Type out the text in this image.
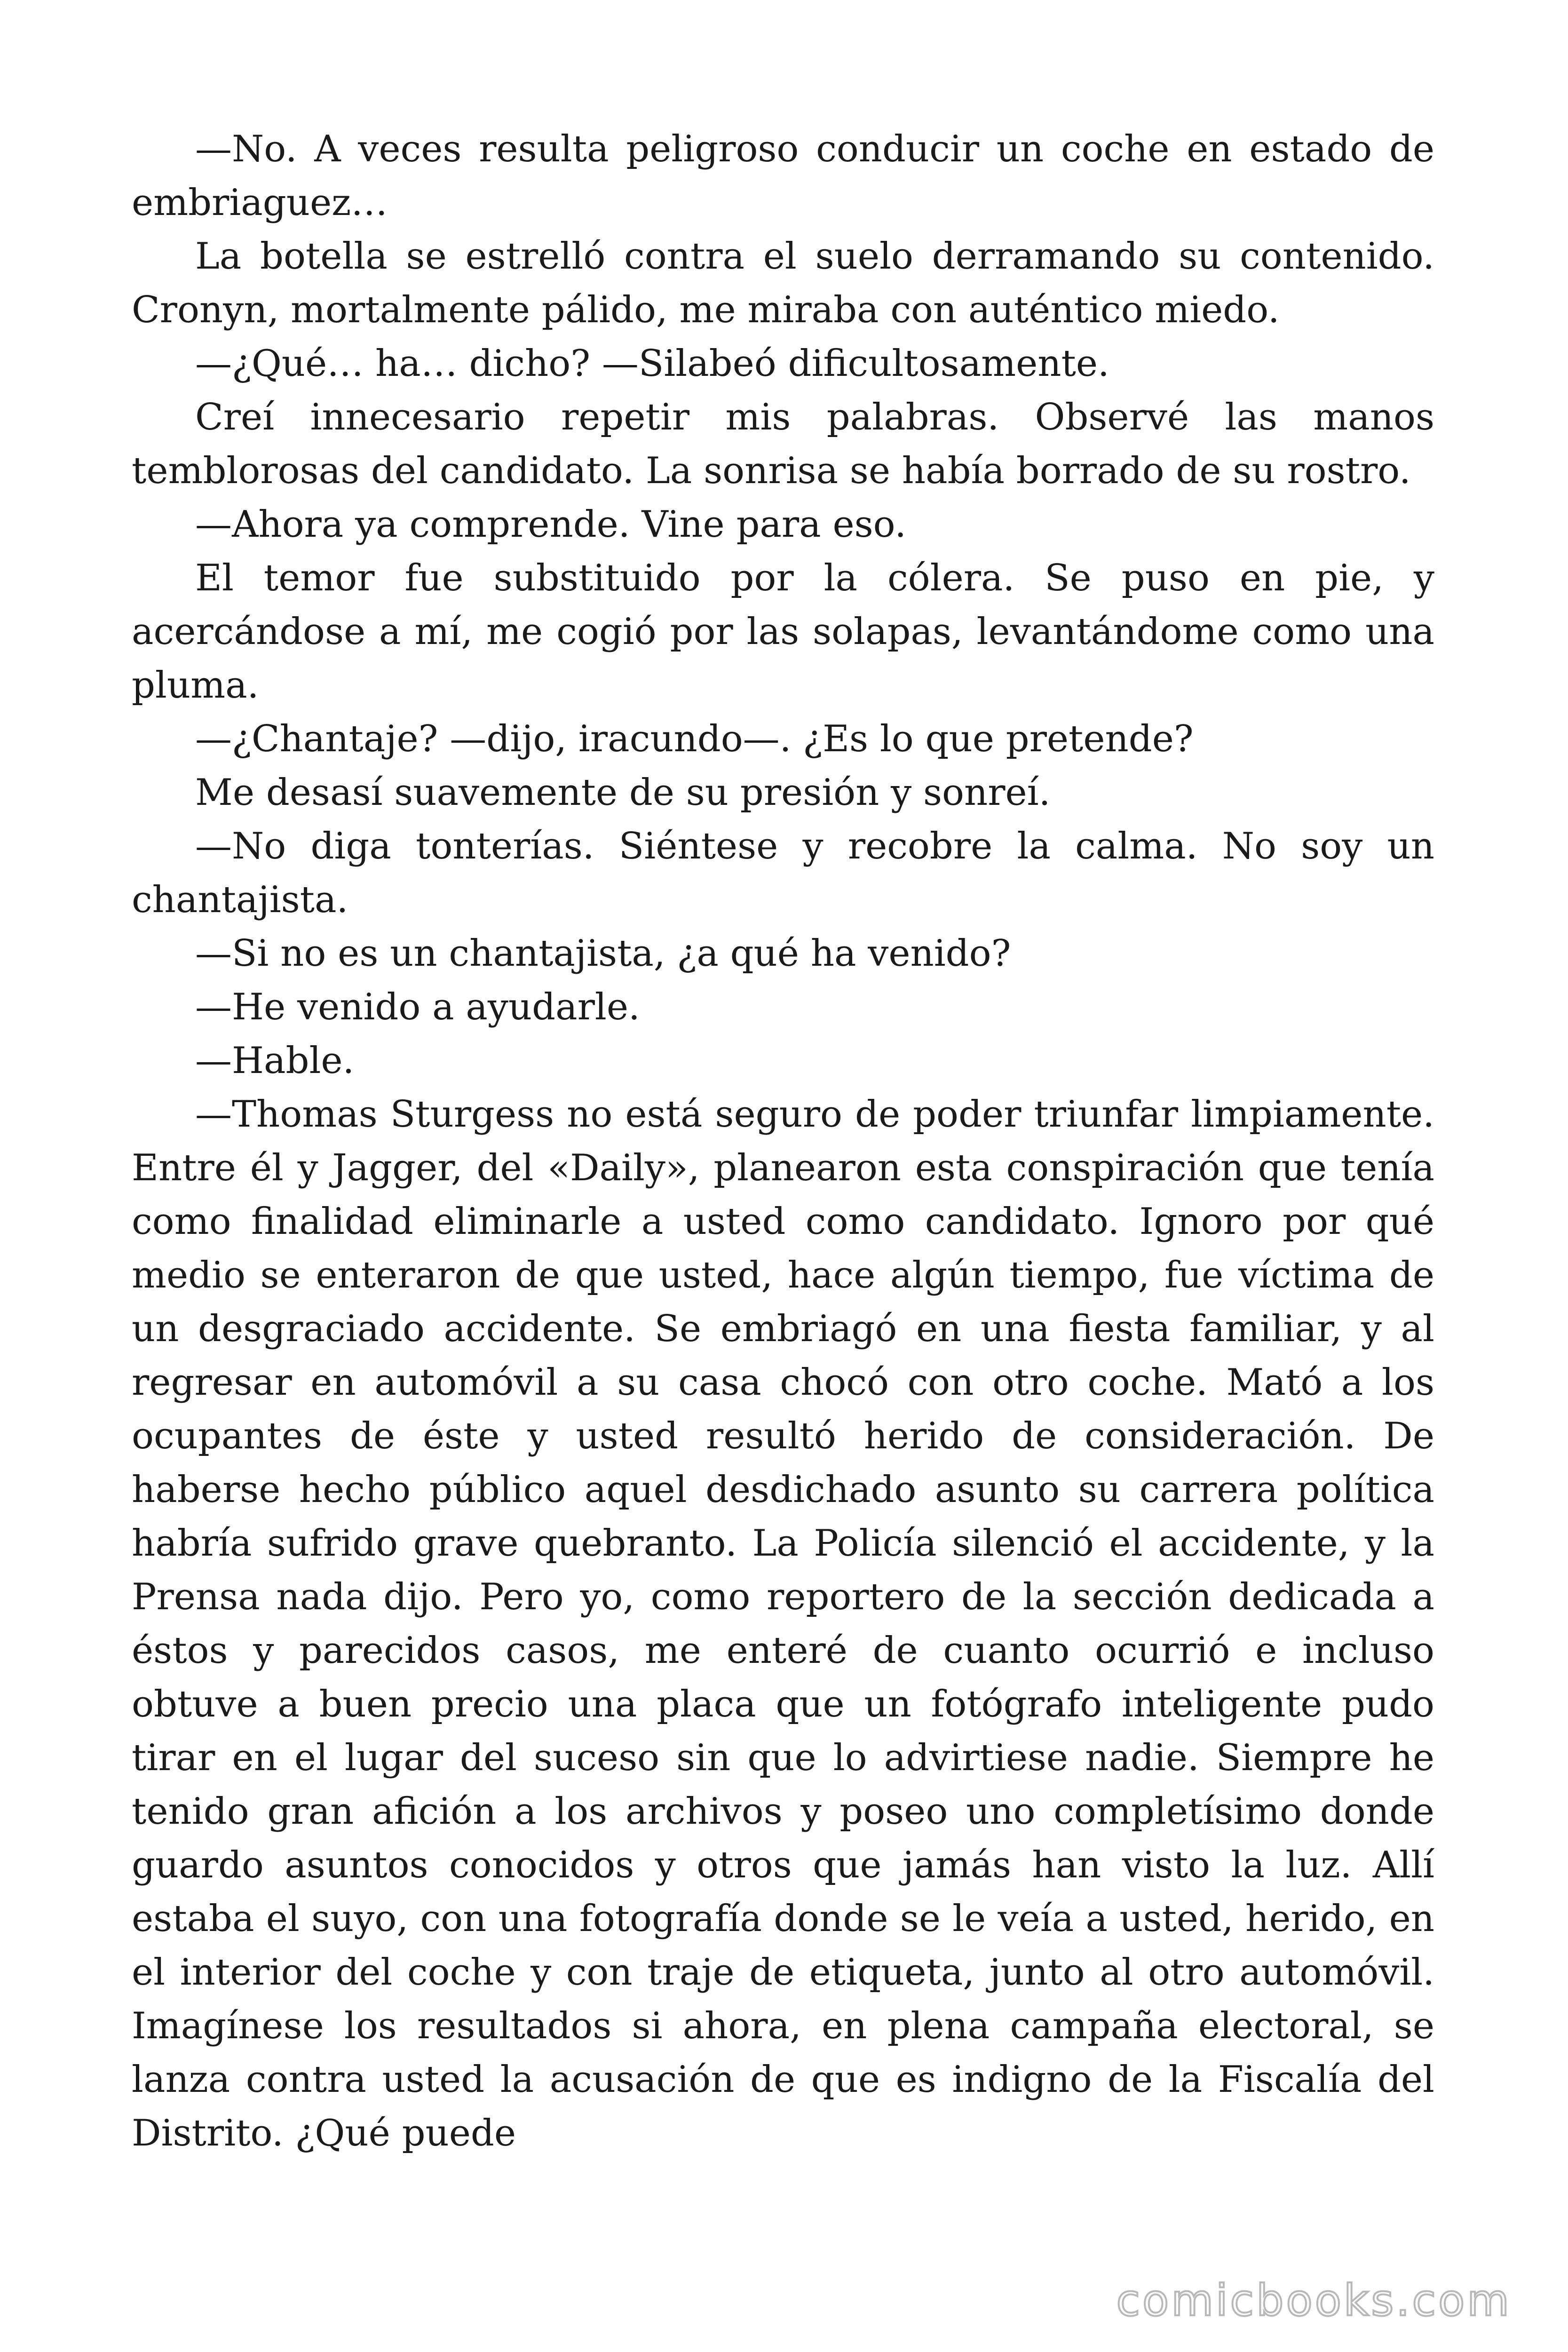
—No. A veces resulta peligroso conducir un coche en estado de embriaguez…

La botella se estrelló contra el suelo derramando su contenido. Cronyn, mortalmente pálido, me miraba con auténtico miedo.

—¿Qué… ha… dicho? —Silabeó dificultosamente.

Creí innecesario repetir mis palabras. Observé las manos temblorosas del candidato. La sonrisa se había borrado de su rostro.

—Ahora ya comprende. Vine para eso.

El temor fue substituido por la cólera. Se puso en pie, y acercándose a mí, me cogió por las solapas, levantándome como una pluma.

—¿Chantaje? —dijo, iracundo—. ¿Es lo que pretende?

Me desasí suavemente de su presión y sonreí.

—No diga tonterías. Siéntese y recobre la calma. No soy un chantajista.

—Si no es un chantajista, ¿a qué ha venido?

—He venido a ayudarle.

—Hable.

—Thomas Sturgess no está seguro de poder triunfar limpiamente. Entre él y Jagger, del «Daily», planearon esta conspiración que tenía como finalidad eliminarle a usted como candidato. Ignoro por qué medio se enteraron de que usted, hace algún tiempo, fue víctima de un desgraciado accidente. Se embriagó en una fiesta familiar, y al regresar en automóvil a su casa chocó con otro coche. Mató a los ocupantes de éste y usted resultó herido de consideración. De haberse hecho público aquel desdichado asunto su carrera política habría sufrido grave quebranto. La Policía silenció el accidente, y la Prensa nada dijo. Pero yo, como reportero de la sección dedicada a éstos y parecidos casos, me enteré de cuanto ocurrió e incluso obtuve a buen precio una placa que un fotógrafo inteligente pudo tirar en el lugar del suceso sin que lo advirtiese nadie. Siempre he tenido gran afición a los archivos y poseo uno completísimo donde guardo asuntos conocidos y otros que jamás han visto la luz. Allí estaba el suyo, con una fotografía donde se le veía a usted, herido, en el interior del coche y con traje de etiqueta, junto al otro automóvil. Imagínese los resultados si ahora, en plena campaña electoral, se lanza contra usted la acusación de que es indigno de la Fiscalía del Distrito. ¿Qué puede

comicbooks.com
